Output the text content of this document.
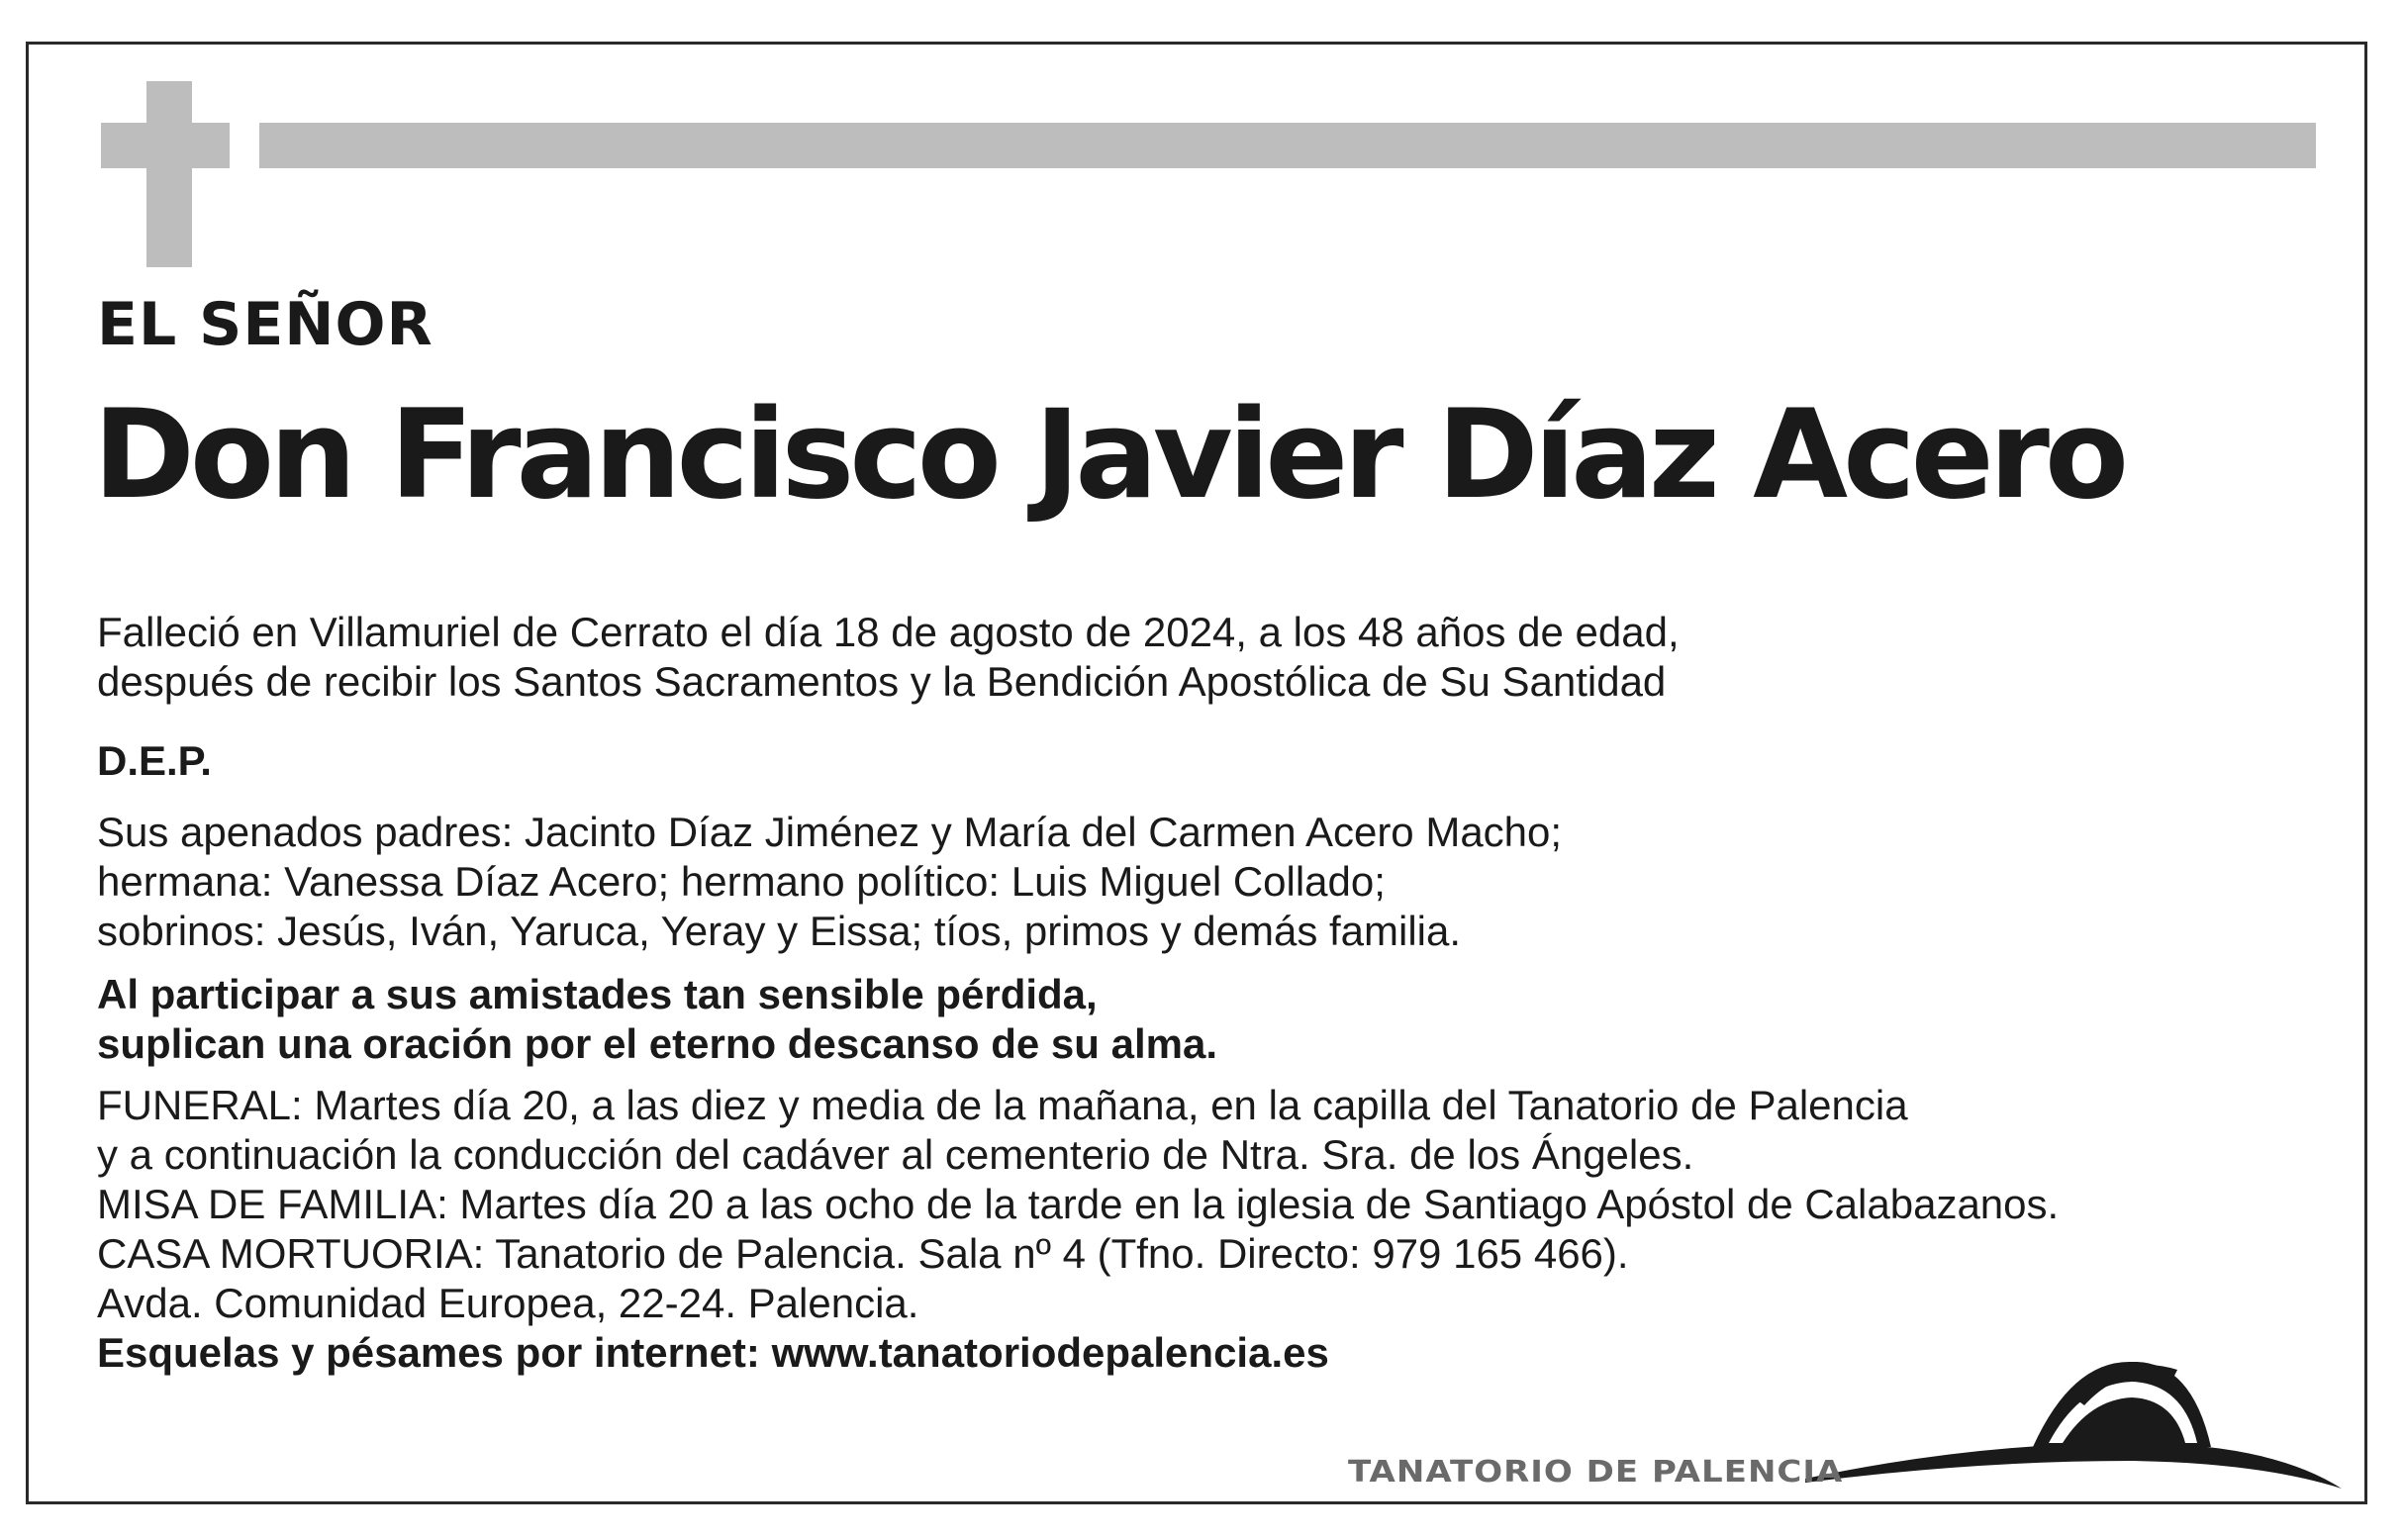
EL SEÑOR
Don Francisco Javier Díaz Acero
Falleció en Villamuriel de Cerrato el día 18 de agosto de 2024, a los 48 años de edad,
después de recibir los Santos Sacramentos y la Bendición Apostólica de Su Santidad
D.E.P.
Sus apenados padres: Jacinto Díaz Jiménez y María del Carmen Acero Macho;
hermana: Vanessa Díaz Acero; hermano político: Luis Miguel Collado;
sobrinos: Jesús, Iván, Yaruca, Yeray y Eissa; tíos, primos y demás familia.
Al participar a sus amistades tan sensible pérdida,
suplican una oración por el eterno descanso de su alma.
FUNERAL: Martes día 20, a las diez y media de la mañana, en la capilla del Tanatorio de Palencia
y a continuación la conducción del cadáver al cementerio de Ntra. Sra. de los Ángeles.
MISA DE FAMILIA: Martes día 20 a las ocho de la tarde en la iglesia de Santiago Apóstol de Calabazanos.
CASA MORTUORIA: Tanatorio de Palencia. Sala nº 4 (Tfno. Directo: 979 165 466).
Avda. Comunidad Europea, 22-24. Palencia.
Esquelas y pésames por internet: www.tanatoriodepalencia.es
TANATORIO DE PALENCIA
